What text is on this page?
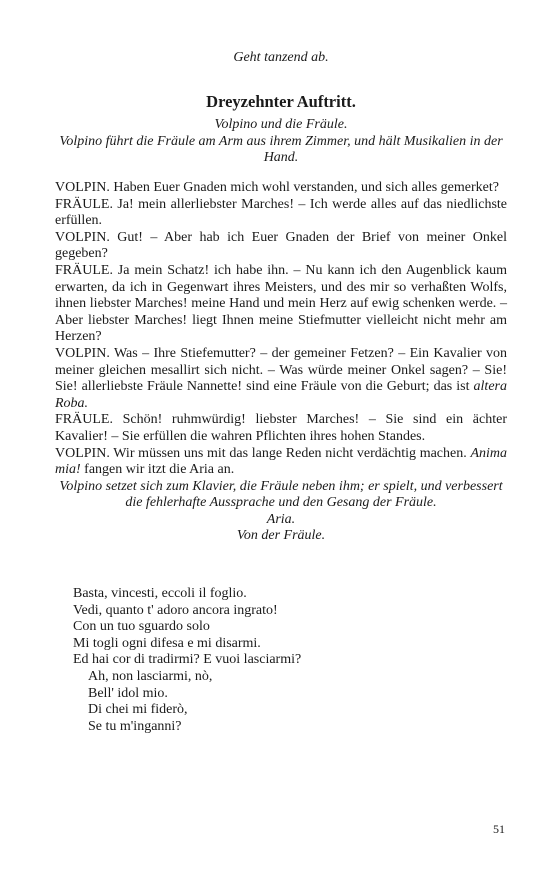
Geht tanzend ab.
Dreyzehnter Auftritt.
Volpino und die Fräule.
Volpino führt die Fräule am Arm aus ihrem Zimmer, und hält Musikalien in der Hand.
VOLPIN. Haben Euer Gnaden mich wohl verstanden, und sich alles gemerket?
FRÄULE. Ja! mein allerliebster Marches! – Ich werde alles auf das niedlichste erfüllen.
VOLPIN. Gut! – Aber hab ich Euer Gnaden der Brief von meiner Onkel gegeben?
FRÄULE. Ja mein Schatz! ich habe ihn. – Nu kann ich den Augenblick kaum erwarten, da ich in Gegenwart ihres Meisters, und des mir so verhaßten Wolfs, ihnen liebster Marches! meine Hand und mein Herz auf ewig schenken werde. – Aber liebster Marches! liegt Ihnen meine Stiefmutter vielleicht nicht mehr am Herzen?
VOLPIN. Was – Ihre Stiefemutter? – der gemeiner Fetzen? – Ein Kavalier von meiner gleichen mesallirt sich nicht. – Was würde meiner Onkel sagen? – Sie! Sie! allerliebste Fräule Nannette! sind eine Fräule von die Geburt; das ist altera Roba.
FRÄULE. Schön! ruhmwürdig! liebster Marches! – Sie sind ein ächter Kavalier! – Sie erfüllen die wahren Pflichten ihres hohen Standes.
VOLPIN. Wir müssen uns mit das lange Reden nicht verdächtig machen. Anima mia! fangen wir itzt die Aria an.
Volpino setzet sich zum Klavier, die Fräule neben ihm; er spielt, und verbessert die fehlerhafte Aussprache und den Gesang der Fräule.
Aria.
Von der Fräule.
Basta, vincesti, eccoli il foglio.
Vedi, quanto t' adoro ancora ingrato!
Con un tuo sguardo solo
Mi togli ogni difesa e mi disarmi.
Ed hai cor di tradirmi? E vuoi lasciarmi?
Ah, non lasciarmi, nò,
Bell' idol mio.
Di chei mi fiderò,
Se tu m'inganni?
51
